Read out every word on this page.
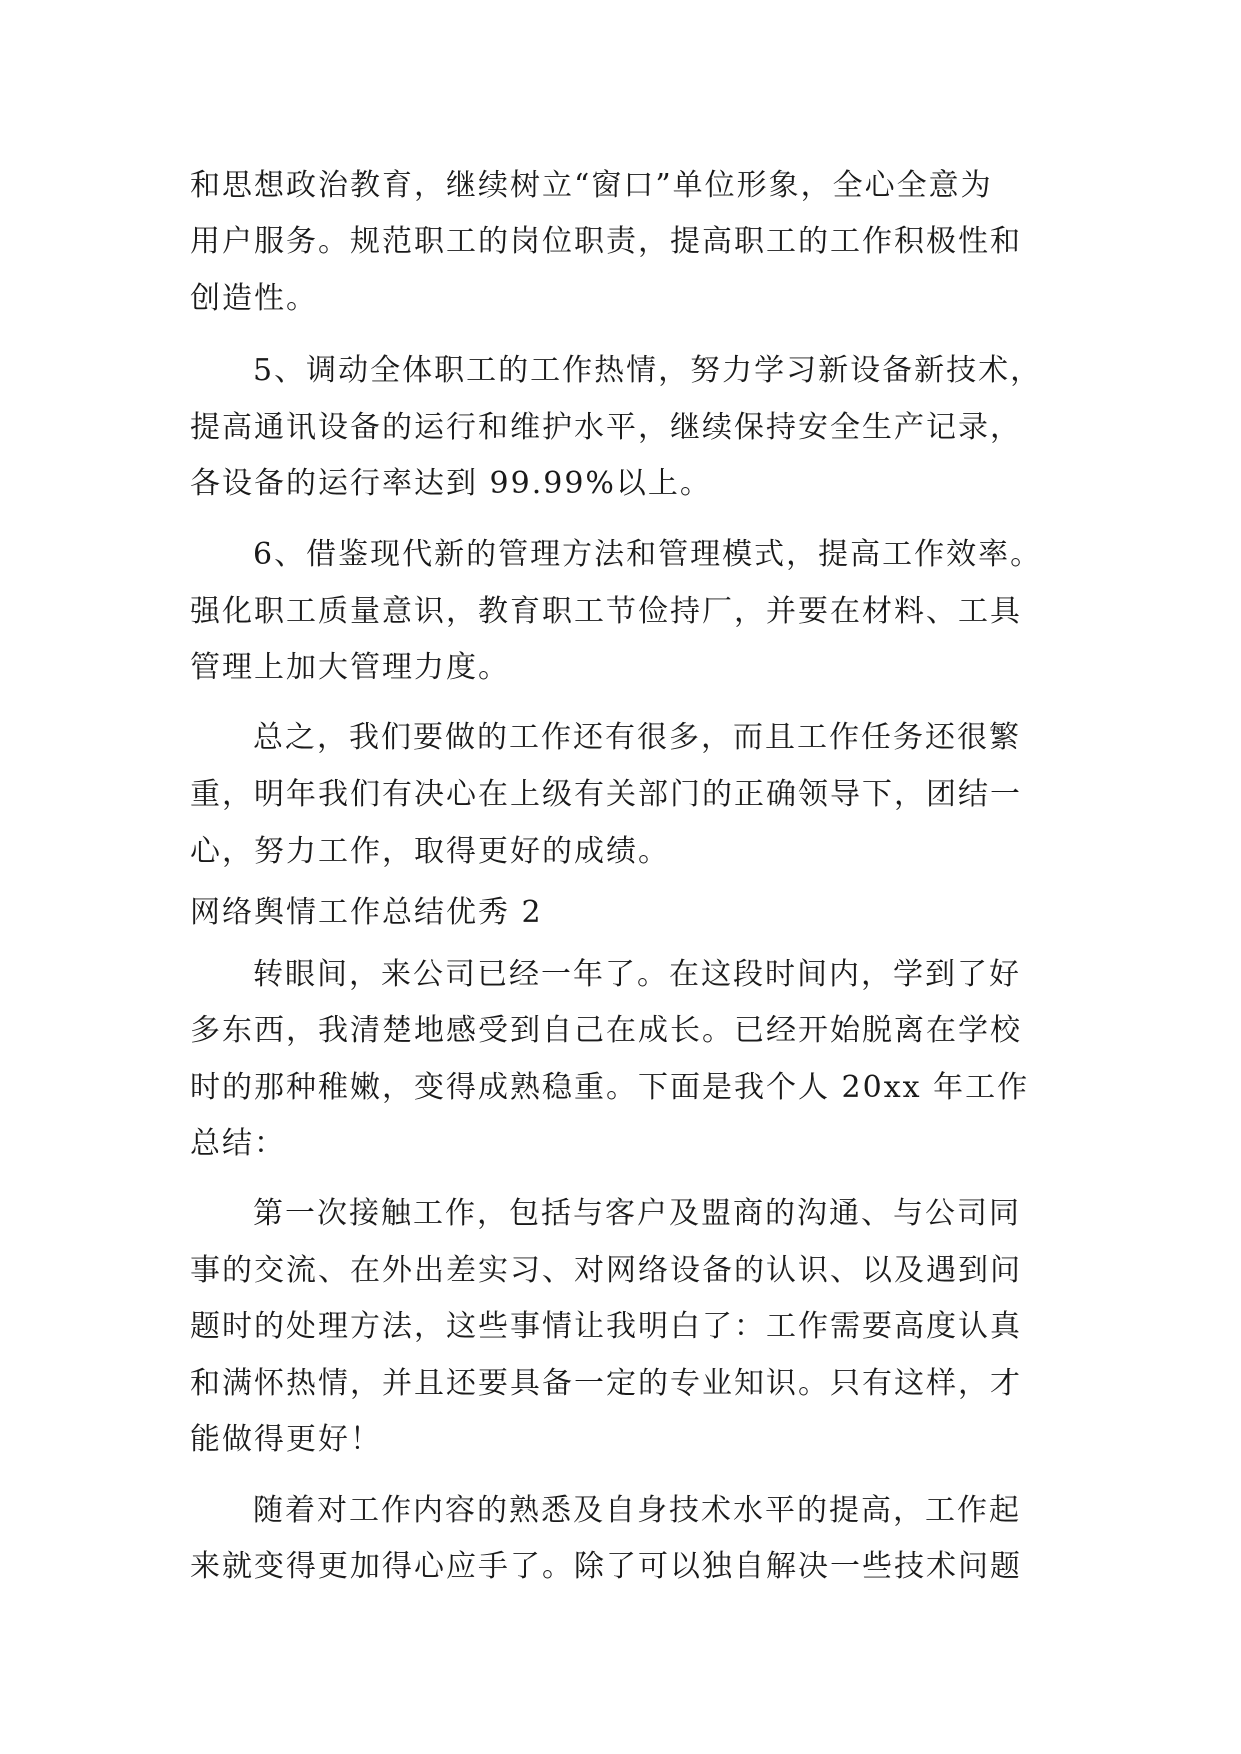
和思想政治教育，继续树立“窗口”单位形象，全心全意为
用户服务。规范职工的岗位职责，提高职工的工作积极性和
创造性。
5、调动全体职工的工作热情，努力学习新设备新技术，
提高通讯设备的运行和维护水平，继续保持安全生产记录，
各设备的运行率达到 99.99%以上。
6、借鉴现代新的管理方法和管理模式，提高工作效率。
强化职工质量意识，教育职工节俭持厂，并要在材料、工具
管理上加大管理力度。
总之，我们要做的工作还有很多，而且工作任务还很繁
重，明年我们有决心在上级有关部门的正确领导下，团结一
心，努力工作，取得更好的成绩。
网络舆情工作总结优秀 2
转眼间，来公司已经一年了。在这段时间内，学到了好
多东西，我清楚地感受到自己在成长。已经开始脱离在学校
时的那种稚嫩，变得成熟稳重。下面是我个人 20xx 年工作
总结：
第一次接触工作，包括与客户及盟商的沟通、与公司同
事的交流、在外出差实习、对网络设备的认识、以及遇到问
题时的处理方法，这些事情让我明白了：工作需要高度认真
和满怀热情，并且还要具备一定的专业知识。只有这样，才
能做得更好！
随着对工作内容的熟悉及自身技术水平的提高，工作起
来就变得更加得心应手了。除了可以独自解决一些技术问题
